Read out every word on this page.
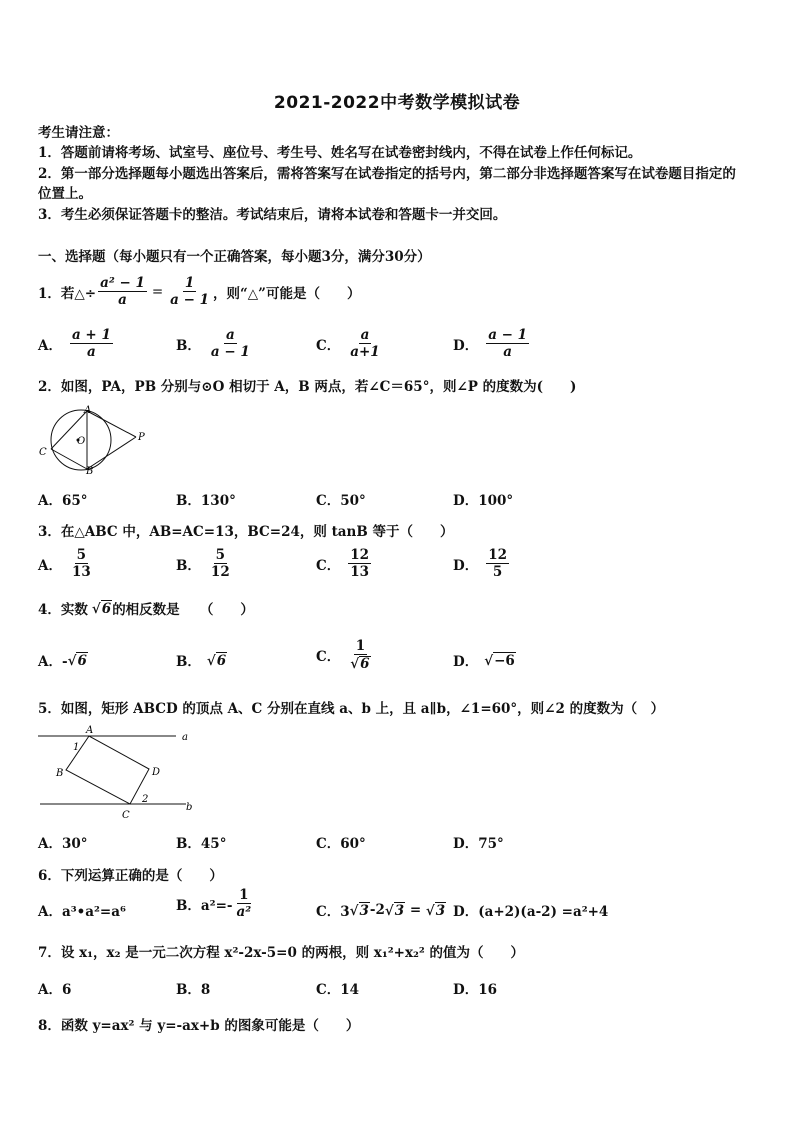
2021-2022中考数学模拟试卷
考生请注意：
1．答题前请将考场、试室号、座位号、考生号、姓名写在试卷密封线内，不得在试卷上作任何标记。
2．第一部分选择题每小题选出答案后，需将答案写在试卷指定的括号内，第二部分非选择题答案写在试卷题目指定的
位置上。
3．考生必须保证答题卡的整洁。考试结束后，请将本试卷和答题卡一并交回。
一、选择题（每小题只有一个正确答案，每小题3分，满分30分）
1．若△÷ $\frac{\text{a² − 1}}{a} = \frac{1}{a - 1}$ ，则“△”可能是（　　）
A． $\frac{a + 1}{a}$	B． $\frac{a}{a - 1}$	C． $\frac{a}{a+1}$	D． $\frac{a - 1}{a}$
2．如图，PA，PB 分别与⊙O 相切于 A，B 两点，若∠C＝65°，则∠P 的度数为(　　)
A
B
C
O	P
A．65°	B．130°	C．50°	D．100°
3．在△ABC 中，AB=AC=13，BC=24，则 tanB 等于（　　）
A． $\frac{5}{13}$	B． $\frac{5}{12}$	C． $\frac{12}{13}$	D． $\frac{12}{5}$
4．实数 √ 6 的相反数是　　（　　）
A．- √ 6	B． √ 6	C． $\frac{1}{√ 6}$	D． √ −6
5．如图，矩形 ABCD 的顶点 A、C 分别在直线 a、b 上，且 a∥b，∠1=60°，则∠2 的度数为（　）
A
B
C
D
a
b
1
2
A．30°	B．45°	C．60°	D．75°
6．下列运算正确的是（　　）
A．a³•a²=a⁶	B．$a^2=- \frac{1}{\text{a²}}$	C．3 √ 3 -2 √ 3 = √ 3 D．(a+2)(a-2) =a²+4
7．设 x₁，x₂ 是一元二次方程 x²-2x-5=0 的两根，则 x₁²+x₂² 的值为（　　）
A．6	B．8	C．14	D．16
8．函数 y=ax² 与 y=-ax+b 的图象可能是（　　）
